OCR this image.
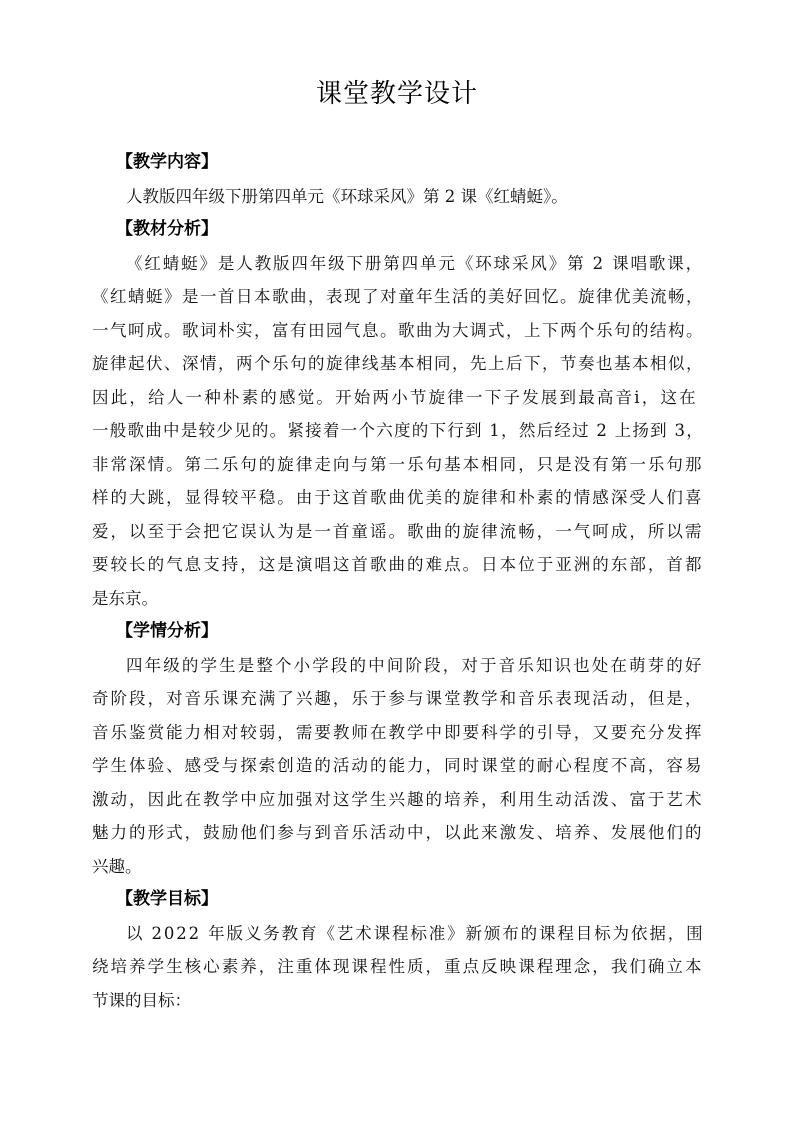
课堂教学设计
【教学内容】

人教版四年级下册第四单元《环球采风》第 2 课《红蜻蜓》。

【教材分析】

《红蜻蜓》是人教版四年级下册第四单元《环球采风》第 2 课唱歌课，
《红蜻蜓》是一首日本歌曲，表现了对童年生活的美好回忆。旋律优美流畅，
一气呵成。歌词朴实，富有田园气息。歌曲为大调式，上下两个乐句的结构。
旋律起伏、深情，两个乐句的旋律线基本相同，先上后下，节奏也基本相似，
因此，给人一种朴素的感觉。开始两小节旋律一下子发展到最高音i，这在
一般歌曲中是较少见的。紧接着一个六度的下行到 1，然后经过 2 上扬到 3，
非常深情。第二乐句的旋律走向与第一乐句基本相同，只是没有第一乐句那
样的大跳，显得较平稳。由于这首歌曲优美的旋律和朴素的情感深受人们喜
爱，以至于会把它误认为是一首童谣。歌曲的旋律流畅，一气呵成，所以需
要较长的气息支持，这是演唱这首歌曲的难点。日本位于亚洲的东部，首都
是东京。

【学情分析】

四年级的学生是整个小学段的中间阶段，对于音乐知识也处在萌芽的好
奇阶段，对音乐课充满了兴趣，乐于参与课堂教学和音乐表现活动，但是，
音乐鉴赏能力相对较弱，需要教师在教学中即要科学的引导，又要充分发挥
学生体验、感受与探索创造的活动的能力，同时课堂的耐心程度不高，容易
激动，因此在教学中应加强对这学生兴趣的培养，利用生动活泼、富于艺术
魅力的形式，鼓励他们参与到音乐活动中，以此来激发、培养、发展他们的
兴趣。

【教学目标】

以 2022 年版义务教育《艺术课程标准》新颁布的课程目标为依据，围
绕培养学生核心素养，注重体现课程性质，重点反映课程理念，我们确立本
节课的目标：
